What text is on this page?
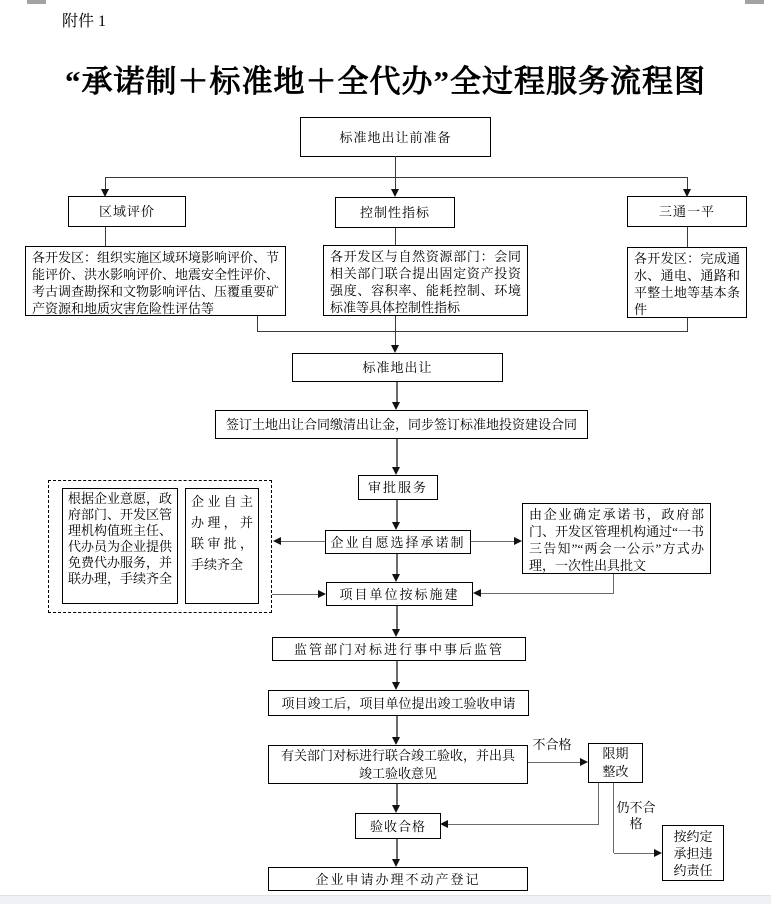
附件 1
“承诺制＋标准地＋全代办”全过程服务流程图
标准地出让前准备
区域评价	控制性指标	三通一平
各开发区：组织实施区域环境影响评价、节能评价、洪水影响评价、地震安全性评价、考古调查勘探和文物影响评估、压覆重要矿产资源和地质灾害危险性评估等
各开发区与自然资源部门：会同相关部门联合提出固定资产投资强度、容积率、能耗控制、环境标准等具体控制性指标
各开发区：完成通水、通电、通路和平整土地等基本条件
标准地出让
签订土地出让合同缴清出让金，同步签订标准地投资建设合同
审批服务
企业自愿选择承诺制
根据企业意愿，政府部门、开发区管理机构值班主任、代办员为企业提供免费代办服务，并联办理，手续齐全
企业自主办理，并联审批，手续齐全
由企业确定承诺书，政府部门、开发区管理机构通过“一书三告知”“两会一公示”方式办理，一次性出具批文
项目单位按标施建
监管部门对标进行事中事后监管
项目竣工后，项目单位提出竣工验收申请
有关部门对标进行联合竣工验收，并出具竣工验收意见
限期整改
验收合格
企业申请办理不动产登记
按约定承担违约责任
不合格
仍不合格
